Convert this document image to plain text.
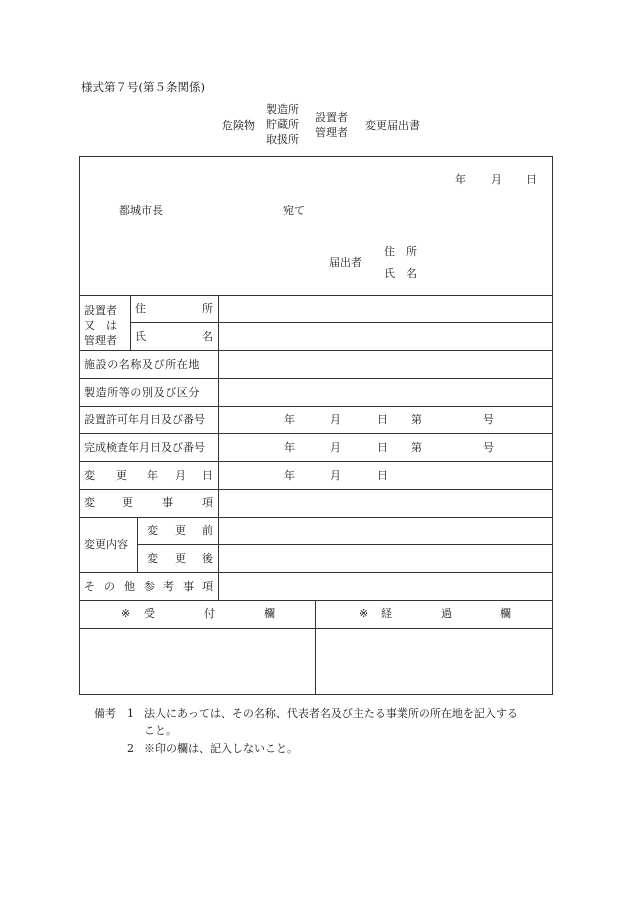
様式第７号(第５条関係)
危険物
製造所
貯蔵所
取扱所
設置者
管理者
変更届出書
年 月 日
都城市長	宛て
届出者
住　所
氏　名
設置者
又　は
管理者
住	所
氏	名
施設の名称及び所在地
製造所等の別及び区分
設置許可年月日及び番号	年	月	日 第	号
完成検査年月日及び番号	年	月	日 第	号
変 更 年 月 日	年	月	日
変 更	事	項
変更内容
変 更 前
変 更 後
そ の 他 参 考 事 項
※ 受	付	欄	※ 経	過	欄
備考 1 法人にあっては、その名称、代表者名及び主たる事業所の所在地を記入する
こと。
2 ※印の欄は、記入しないこと。
